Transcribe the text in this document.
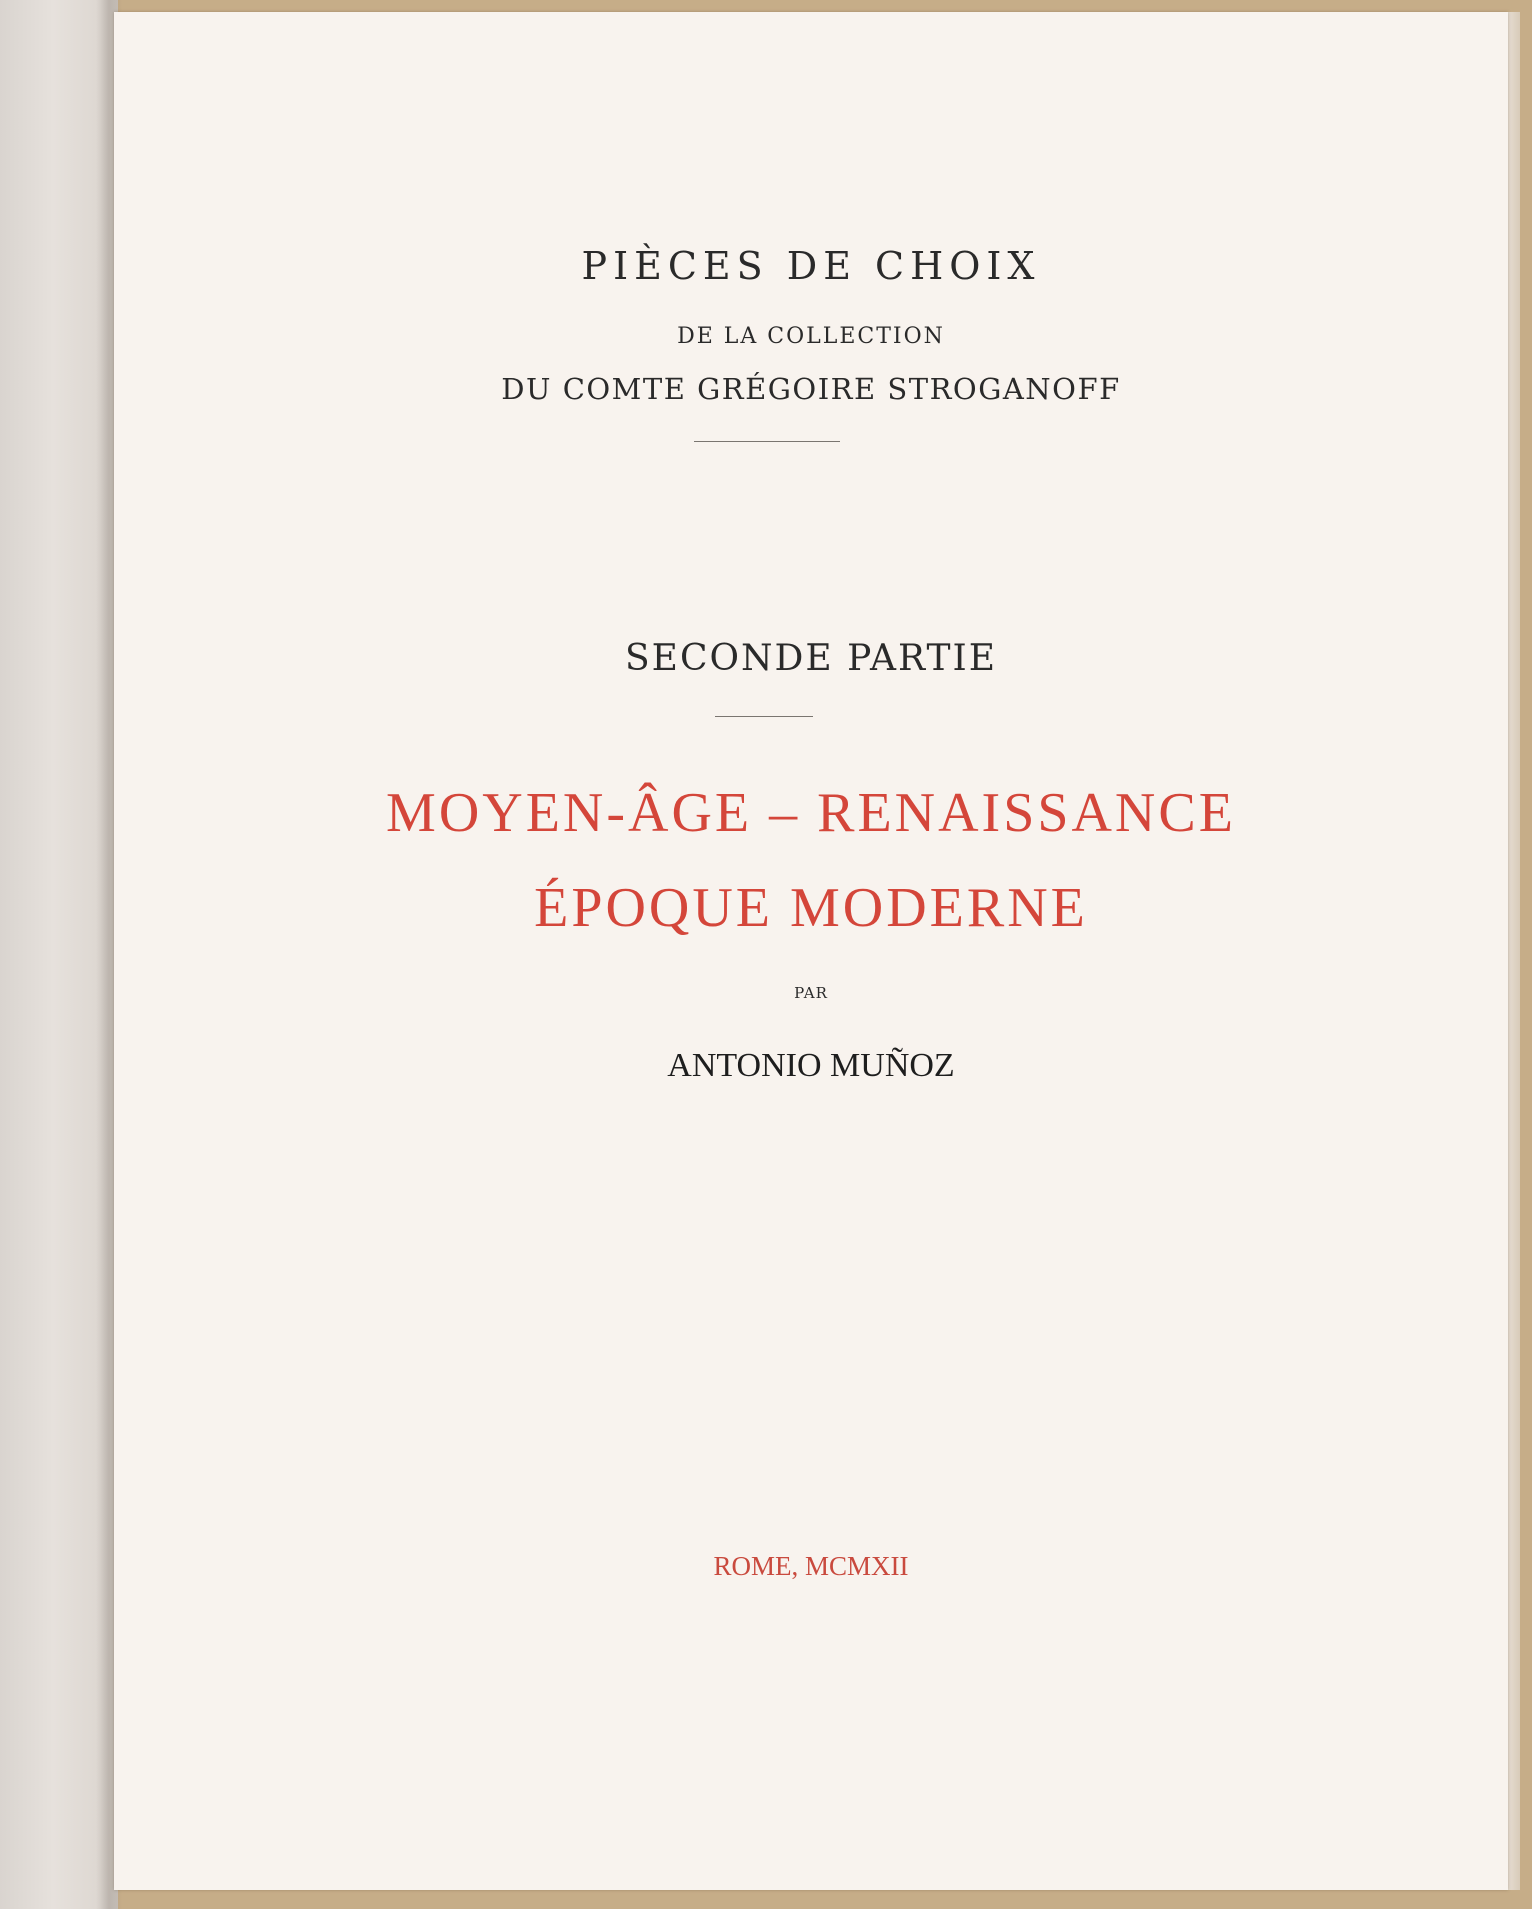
PIÈCES DE CHOIX
DE LA COLLECTION
DU COMTE GRÉGOIRE STROGANOFF
SECONDE PARTIE
MOYEN-ÂGE – RENAISSANCE
ÉPOQUE MODERNE
PAR
ANTONIO MUÑOZ
ROME, MCMXII
